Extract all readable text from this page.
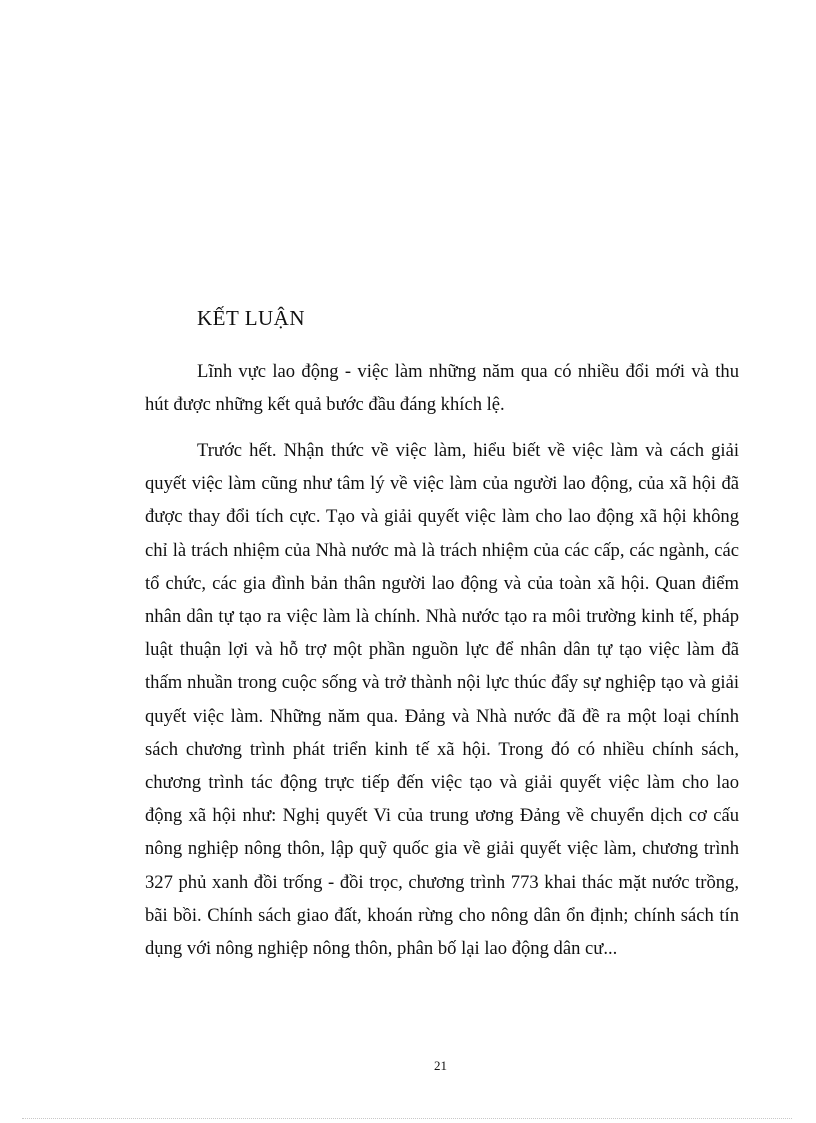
KẾT LUẬN

Lĩnh vực lao động - việc làm những năm qua có nhiều đổi mới và thu hút được những kết quả bước đầu đáng khích lệ.

Trước hết. Nhận thức về việc làm, hiểu biết về việc làm và cách giải quyết việc làm cũng như tâm lý về việc làm của người lao động, của xã hội đã được thay đổi tích cực. Tạo và giải quyết việc làm cho lao động xã hội không chỉ là trách nhiệm của Nhà nước mà là trách nhiệm của các cấp, các ngành, các tổ chức, các gia đình bản thân người lao động và của toàn xã hội. Quan điểm nhân dân tự tạo ra việc làm là chính. Nhà nước tạo ra môi trường kinh tế, pháp luật thuận lợi và hỗ trợ một phần nguồn lực để nhân dân tự tạo việc làm đã thấm nhuần trong cuộc sống và trở thành nội lực thúc đẩy sự nghiệp tạo và giải quyết việc làm. Những năm qua. Đảng và Nhà nước đã đề ra một loại chính sách chương trình phát triển kinh tế xã hội. Trong đó có nhiều chính sách, chương trình tác động trực tiếp đến việc tạo và giải quyết việc làm cho lao động xã hội như: Nghị quyết Vi của trung ương Đảng về chuyển dịch cơ cấu nông nghiệp nông thôn, lập quỹ quốc gia về giải quyết việc làm, chương trình 327 phủ xanh đồi trống - đồi trọc, chương trình 773 khai thác mặt nước trồng, bãi bồi. Chính sách giao đất, khoán rừng cho nông dân ổn định; chính sách tín dụng với nông nghiệp nông thôn, phân bố lại lao động dân cư...

21
